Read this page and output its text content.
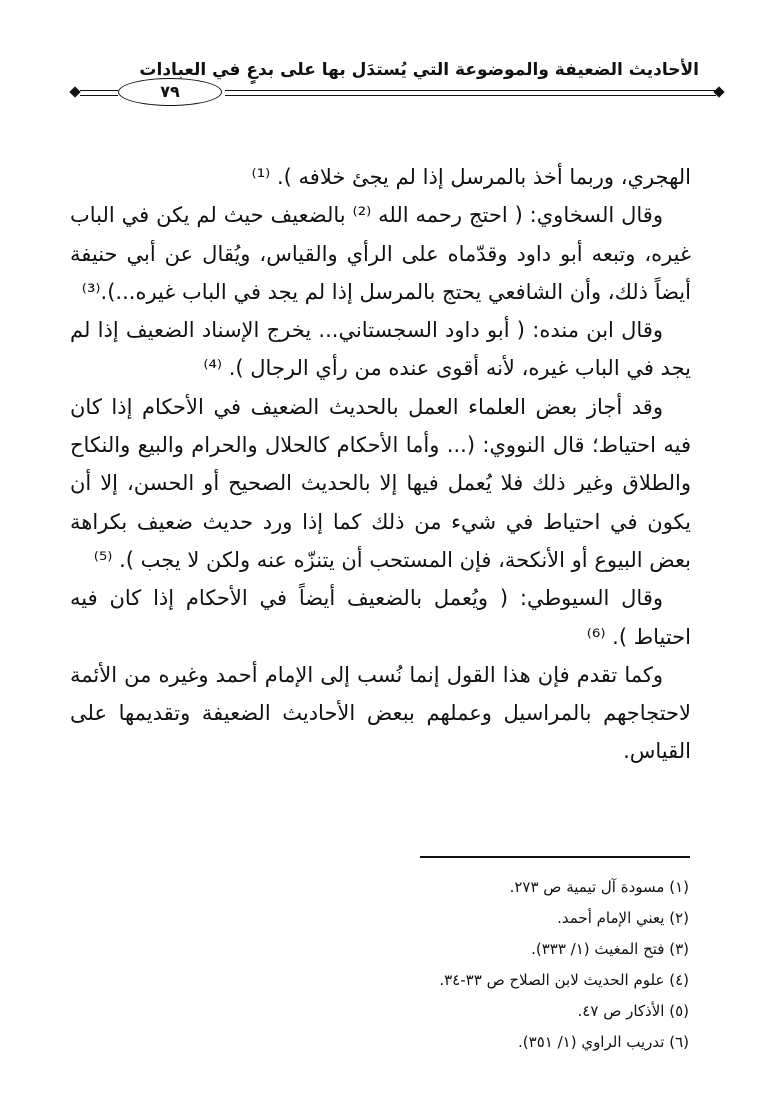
الأحاديث الضعيفة والموضوعة التي يُستدَل بها على بدعٍ في العبادات
٧٩

الهجري، وربما أخذ بالمرسل إذا لم يجئ خلافه ). ⁽¹⁾

وقال السخاوي: ( احتج رحمه الله ⁽²⁾ بالضعيف حيث لم يكن في الباب غيره، وتبعه أبو داود وقدّماه على الرأي والقياس، ويُقال عن أبي حنيفة أيضاً ذلك، وأن الشافعي يحتج بالمرسل إذا لم يجد في الباب غيره...).⁽³⁾

وقال ابن منده: ( أبو داود السجستاني... يخرج الإسناد الضعيف إذا لم يجد في الباب غيره، لأنه أقوى عنده من رأي الرجال ). ⁽⁴⁾

وقد أجاز بعض العلماء العمل بالحديث الضعيف في الأحكام إذا كان فيه احتياط؛ قال النووي: (... وأما الأحكام كالحلال والحرام والبيع والنكاح والطلاق وغير ذلك فلا يُعمل فيها إلا بالحديث الصحيح أو الحسن، إلا أن يكون في احتياط في شيء من ذلك كما إذا ورد حديث ضعيف بكراهة بعض البيوع أو الأنكحة، فإن المستحب أن يتنزّه عنه ولكن لا يجب ). ⁽⁵⁾

وقال السيوطي: ( ويُعمل بالضعيف أيضاً في الأحكام إذا كان فيه احتياط ). ⁽⁶⁾

وكما تقدم فإن هذا القول إنما نُسب إلى الإمام أحمد وغيره من الأئمة لاحتجاجهم بالمراسيل وعملهم ببعض الأحاديث الضعيفة وتقديمها على القياس.

(١) مسودة آل تيمية ص ٢٧٣.
(٢) يعني الإمام أحمد.
(٣) فتح المغيث (١/ ٣٣٣).
(٤) علوم الحديث لابن الصلاح ص ٣٣-٣٤.
(٥) الأذكار ص ٤٧.
(٦) تدريب الراوي (١/ ٣٥١).
